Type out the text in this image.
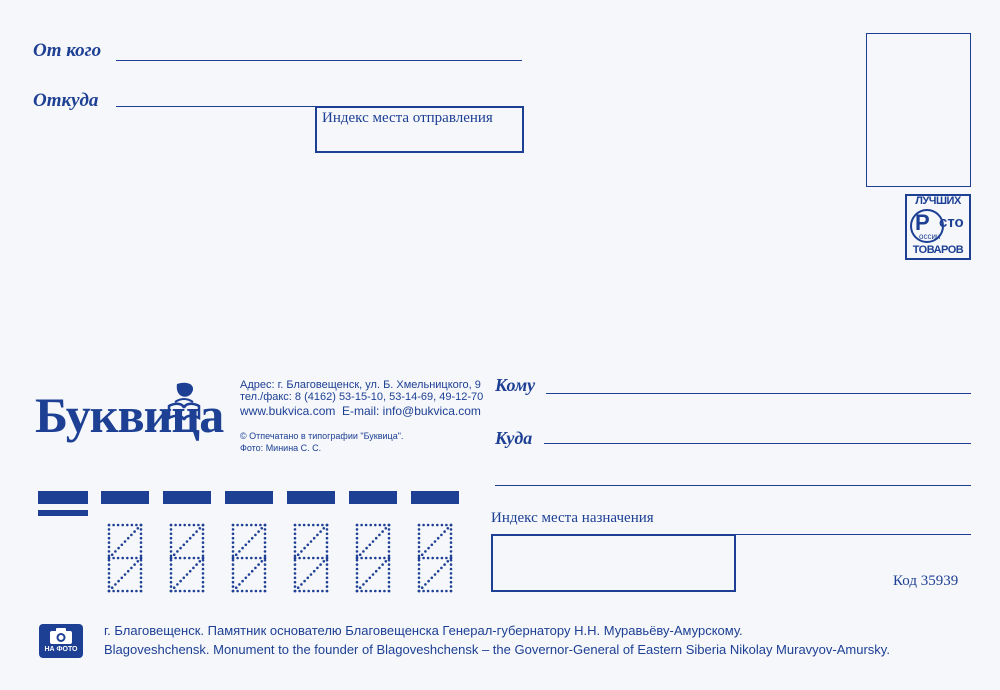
От кого
Откуда
Индекс места отправления
ЛУЧШИХ
Р сто
оссии
ТОВАРОВ
Буквица
Адрес: г. Благовещенск, ул. Б. Хмельницкого, 9
тел./факс: 8 (4162) 53-15-10, 53-14-69, 49-12-70
www.bukvica.com E-mail: info@bukvica.com
© Отпечатано в типографии "Буквица".
Фото: Минина С. С.
Кому
Куда
Индекс места назначения
Код 35939
НА ФОТО
г. Благовещенск. Памятник основателю Благовещенска Генерал-губернатору Н.Н. Муравьёву-Амурскому.
Blagoveshchensk. Monument to the founder of Blagoveshchensk – the Governor-General of Eastern Siberia Nikolay Muravyov-Amursky.
